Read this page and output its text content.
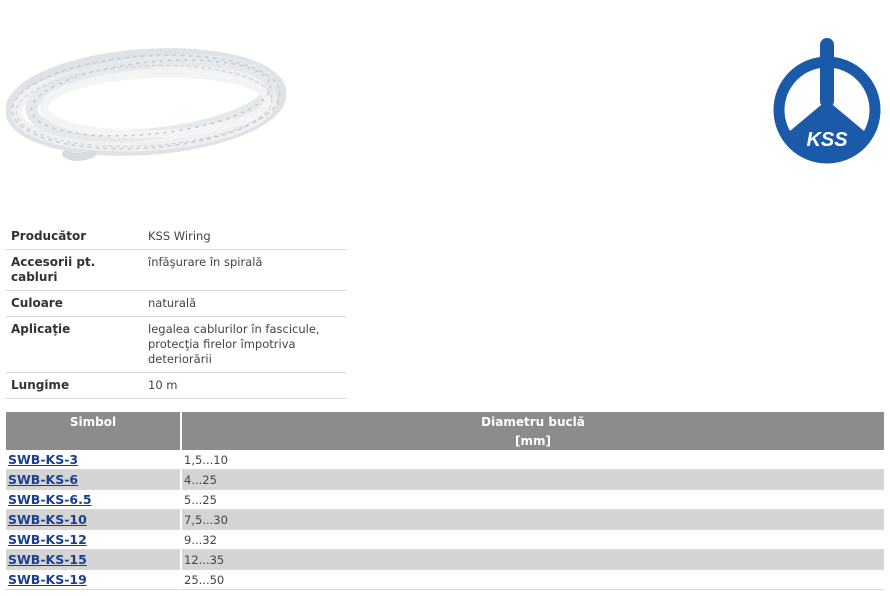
KSS
Producător	KSS Wiring
Accesorii pt. cabluri	înfăşurare în spirală
Culoare	naturală
Aplicaţie	legalea cablurilor în fascicule,
protecţia firelor împotriva deteriorării

Lungime	10 m
Simbol	Diametru buclă
	[mm]
SWB-KS-3	1,5...10
SWB-KS-6	4...25
SWB-KS-6.5	5...25
SWB-KS-10	7,5...30
SWB-KS-12	9...32
SWB-KS-15	12...35
SWB-KS-19	25...50
